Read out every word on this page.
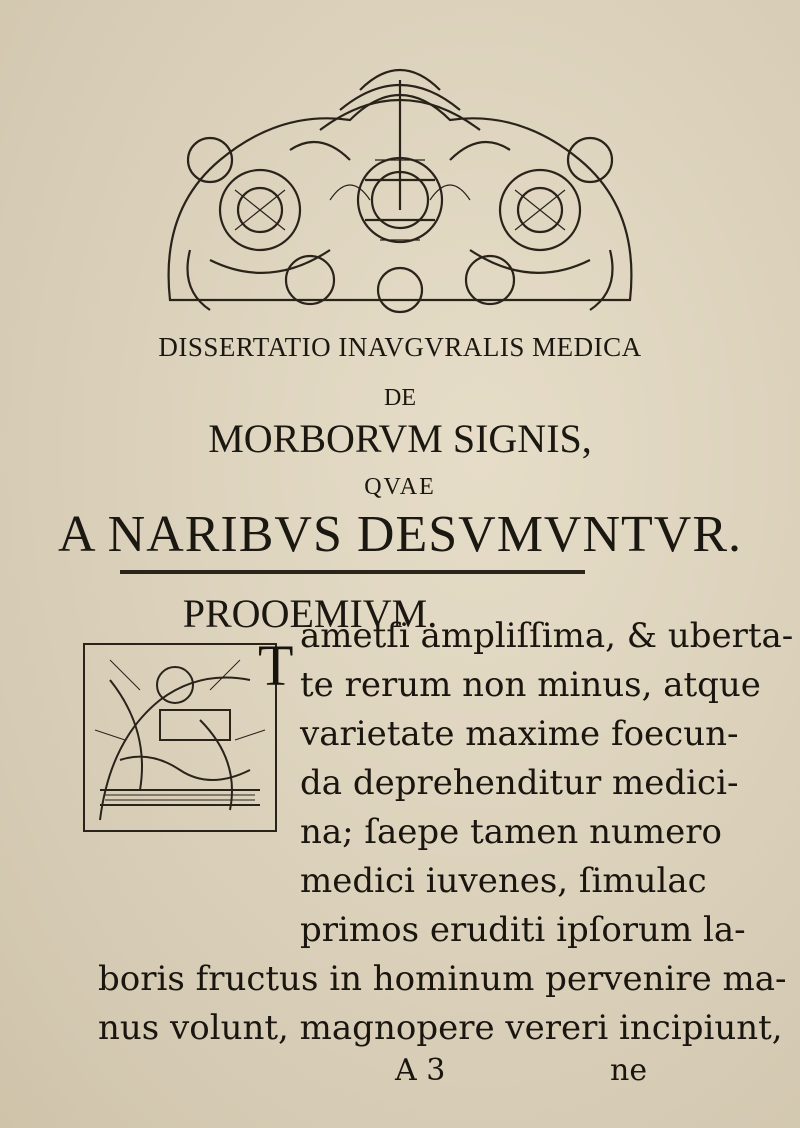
DISSERTATIO INAVGVRALIS MEDICA
DE
MORBORVM SIGNIS,
QVAE
A NARIBVS DESVMVNTVR.
PROOEMIVM.
T ametſi ampliſſima, & uberta-
te rerum non minus, atque
varietate maxime foecun-
da deprehenditur medici-
na; ſaepe tamen numero
medici iuvenes, ſimulac
primos eruditi ipſorum la-
boris fructus in hominum pervenire ma-
nus volunt, magnopere vereri incipiunt,
A 3	ne
